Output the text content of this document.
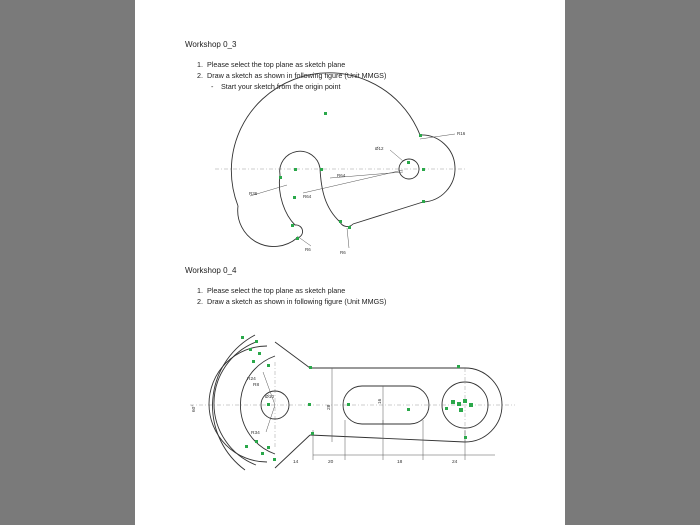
Workshop 0_3
1. Please select the top plane as sketch plane
2. Draw a sketch as shown in following figure (Unit MMGS)
- Start your sketch from the origin point
R16
Ø12
R64
R64
R36
R6
R6
Workshop 0_4
1. Please select the top plane as sketch plane
2. Draw a sketch as shown in following figure (Unit MMGS)
Ø10
R24
R34
R8
60°
16
28
14	20	18	24
